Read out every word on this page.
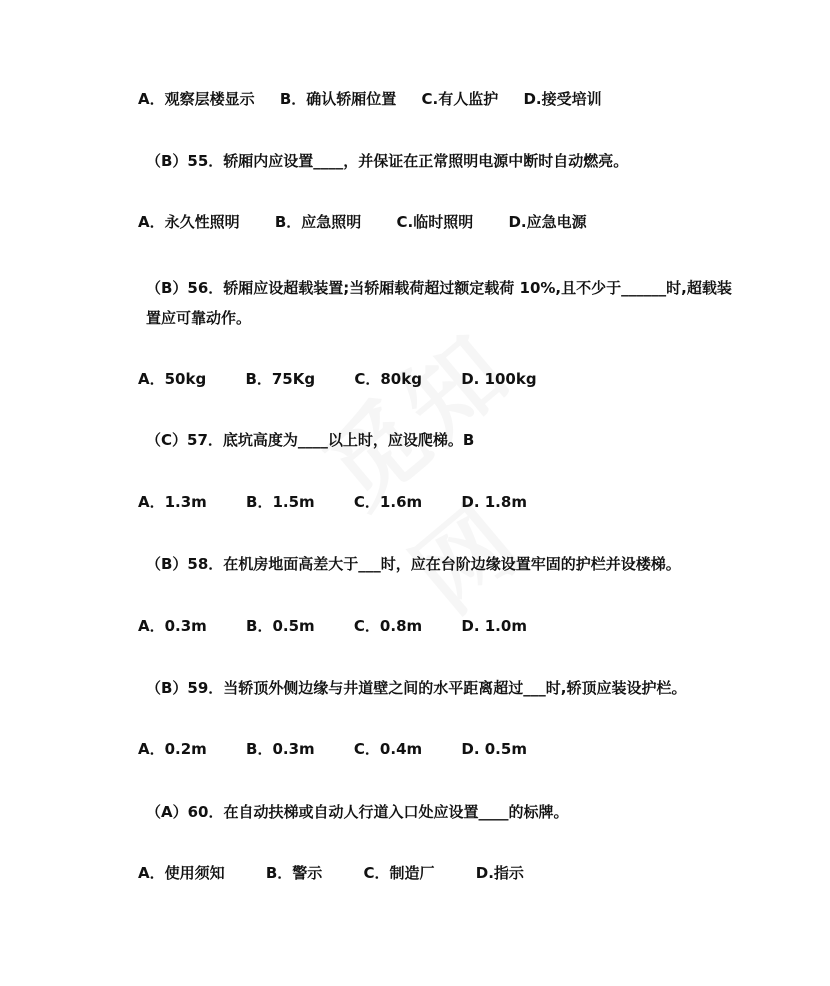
A．观察层楼显示 B．确认轿厢位置 C.有人监护 D.接受培训
（B）55．轿厢内应设置____，并保证在正常照明电源中断时自动燃亮。
A．永久性照明 B．应急照明 C.临时照明 D.应急电源
（B）56．轿厢应设超载装置;当轿厢载荷超过额定载荷 10%,且不少于______时,超载装置应可靠动作。
A．50kg	B．75Kg	C．80kg	D. 100kg
（C）57．底坑高度为____以上时，应设爬梯。B
A．1.3m	B．1.5m	C．1.6m	D. 1.8m
（B）58．在机房地面高差大于___时，应在台阶边缘设置牢固的护栏并设楼梯。
A．0.3m	B．0.5m	C．0.8m	D. 1.0m
（B）59．当轿顶外侧边缘与井道壁之间的水平距离超过___时,轿顶应装设护栏。
A．0.2m	B．0.3m	C．0.4m	D. 0.5m
（A）60．在自动扶梯或自动人行道入口处应设置____的标牌。
A．使用须知	B．警示	C．制造厂	D.指示
